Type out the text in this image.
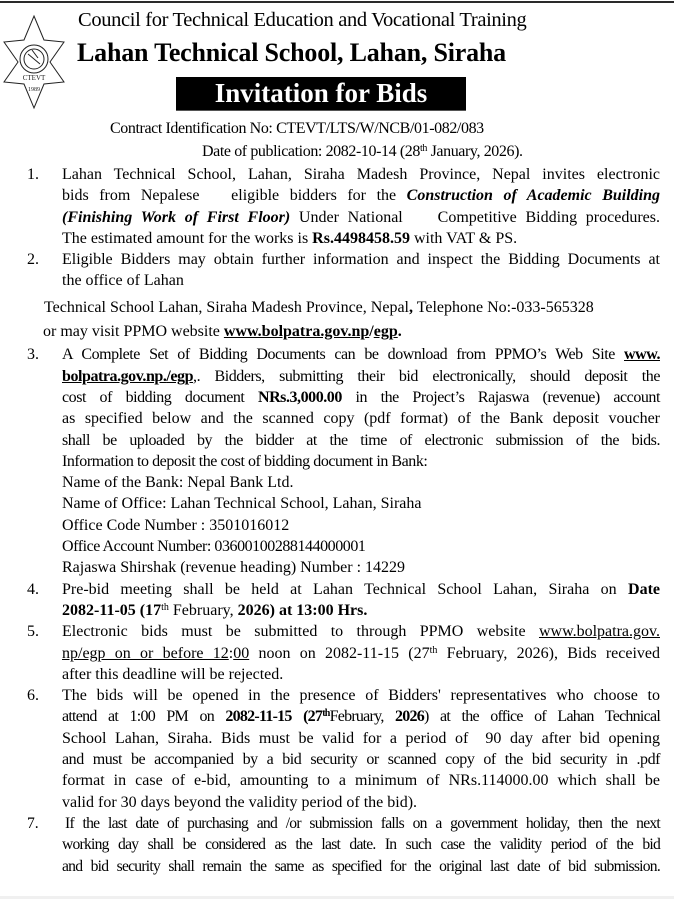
CTEVT
1989
Council for Technical Education and Vocational Training
Lahan Technical School, Lahan, Siraha
Invitation for Bids
Contract Identification No: CTEVT/LTS/W/NCB/01-082/083
Date of publication: 2082-10-14 (28th January, 2026).
1. Lahan Technical School, Lahan, Siraha Madesh Province, Nepal invites electronic
bids from Nepalese   eligible bidders for the Construction of Academic Building
(Finishing Work of First Floor) Under National    Competitive Bidding procedures.
The estimated amount for the works is Rs.4498458.59 with VAT & PS.
2. Eligible Bidders may obtain further information and inspect the Bidding Documents at
the office of Lahan
Technical School Lahan, Siraha Madesh Province, Nepal, Telephone No:-033-565328
or may visit PPMO website www.bolpatra.gov.np/egp.
3. A Complete Set of Bidding Documents can be download from PPMO’s Web Site www.
bolpatra.gov.np./egp,. Bidders, submitting their bid electronically, should deposit the
cost of bidding document NRs.3,000.00 in the Project’s Rajaswa (revenue) account
as specified below and the scanned copy (pdf format) of the Bank deposit voucher
shall be uploaded by the bidder at the time of electronic submission of the bids.
Information to deposit the cost of bidding document in Bank:
Name of the Bank: Nepal Bank Ltd.
Name of Office: Lahan Technical School, Lahan, Siraha
Office Code Number : 3501016012
Office Account Number: 03600100288144000001
Rajaswa Shirshak (revenue heading) Number : 14229
4. Pre-bid meeting shall be held at Lahan Technical School Lahan, Siraha on Date
2082-11-05 (17th February, 2026) at 13:00 Hrs.
5. Electronic  bids  must  be  submitted  to  through  PPMO  website  www.bolpatra.gov.
np/egp on or before 12:00 noon on 2082-11-15 (27th February, 2026), Bids received
after this deadline will be rejected.
6. The bids will be opened in the presence of Bidders' representatives who choose to
attend at 1:00 PM on 2082-11-15 (27thFebruary, 2026) at the office of Lahan Technical
School Lahan, Siraha. Bids must be valid for a period of  90 day after bid opening
and must be accompanied by a bid security or scanned copy of the bid security in .pdf
format in case of e-bid, amounting to a minimum of NRs.114000.00 which shall be
valid for 30 days beyond the validity period of the bid).
7. If the last date of purchasing and /or submission falls on a government holiday, then the next
working day shall be considered as the last date. In such case the validity period of the bid
and bid security shall remain the same as specified for the original last date of bid submission.
